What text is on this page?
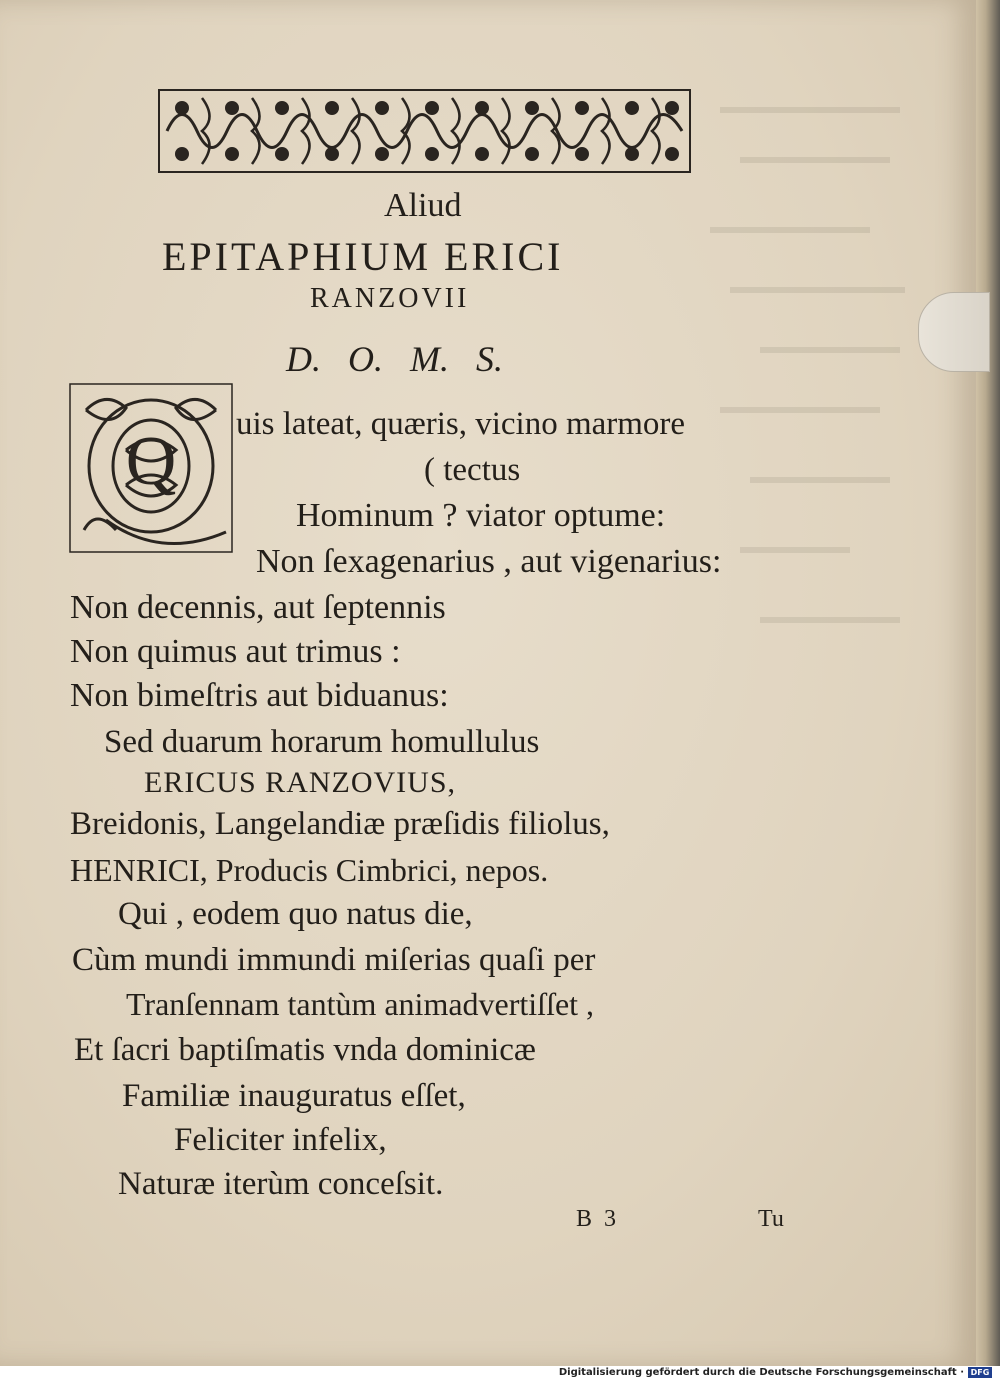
Aliud
EPITAPHIUM ERICI
RANZOVII
D. O. M. S.
Q uis lateat, quæris, vicino marmore
( tectus
Hominum ? viator optume:
Non ſexagenarius , aut vigenarius:
Non decennis, aut ſeptennis
Non quimus aut trimus :
Non bimeſtris aut biduanus:
Sed duarum horarum homullulus
ERICUS RANZOVIUS,
Breidonis, Langelandiæ præſidis filiolus,
HENRICI, Producis Cimbrici, nepos.
Qui , eodem quo natus die,
Cùm mundi immundi miſerias quaſi per
Tranſennam tantùm animadvertiſſet ,
Et ſacri baptiſmatis vnda dominicæ
Familiæ inauguratus eſſet,
Feliciter infelix,
Naturæ iterùm conceſsit.
B 3	Tu
Digitalisierung gefördert durch die Deutsche Forschungsgemeinschaft · DFG
